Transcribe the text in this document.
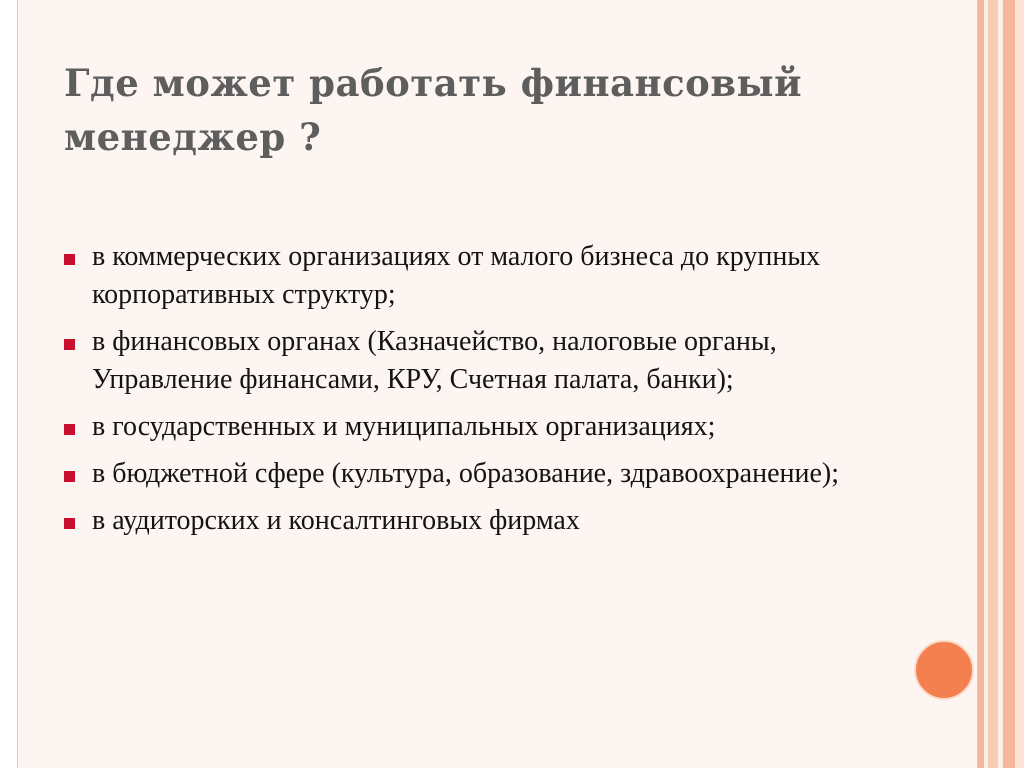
Где может работать финансовый менеджер ?
в коммерческих организациях от малого бизнеса до крупных корпоративных структур;
в финансовых органах (Казначейство, налоговые органы, Управление финансами, КРУ, Счетная палата, банки);
в государственных и муниципальных организациях;
в бюджетной сфере (культура, образование, здравоохранение);
в аудиторских и консалтинговых фирмах
